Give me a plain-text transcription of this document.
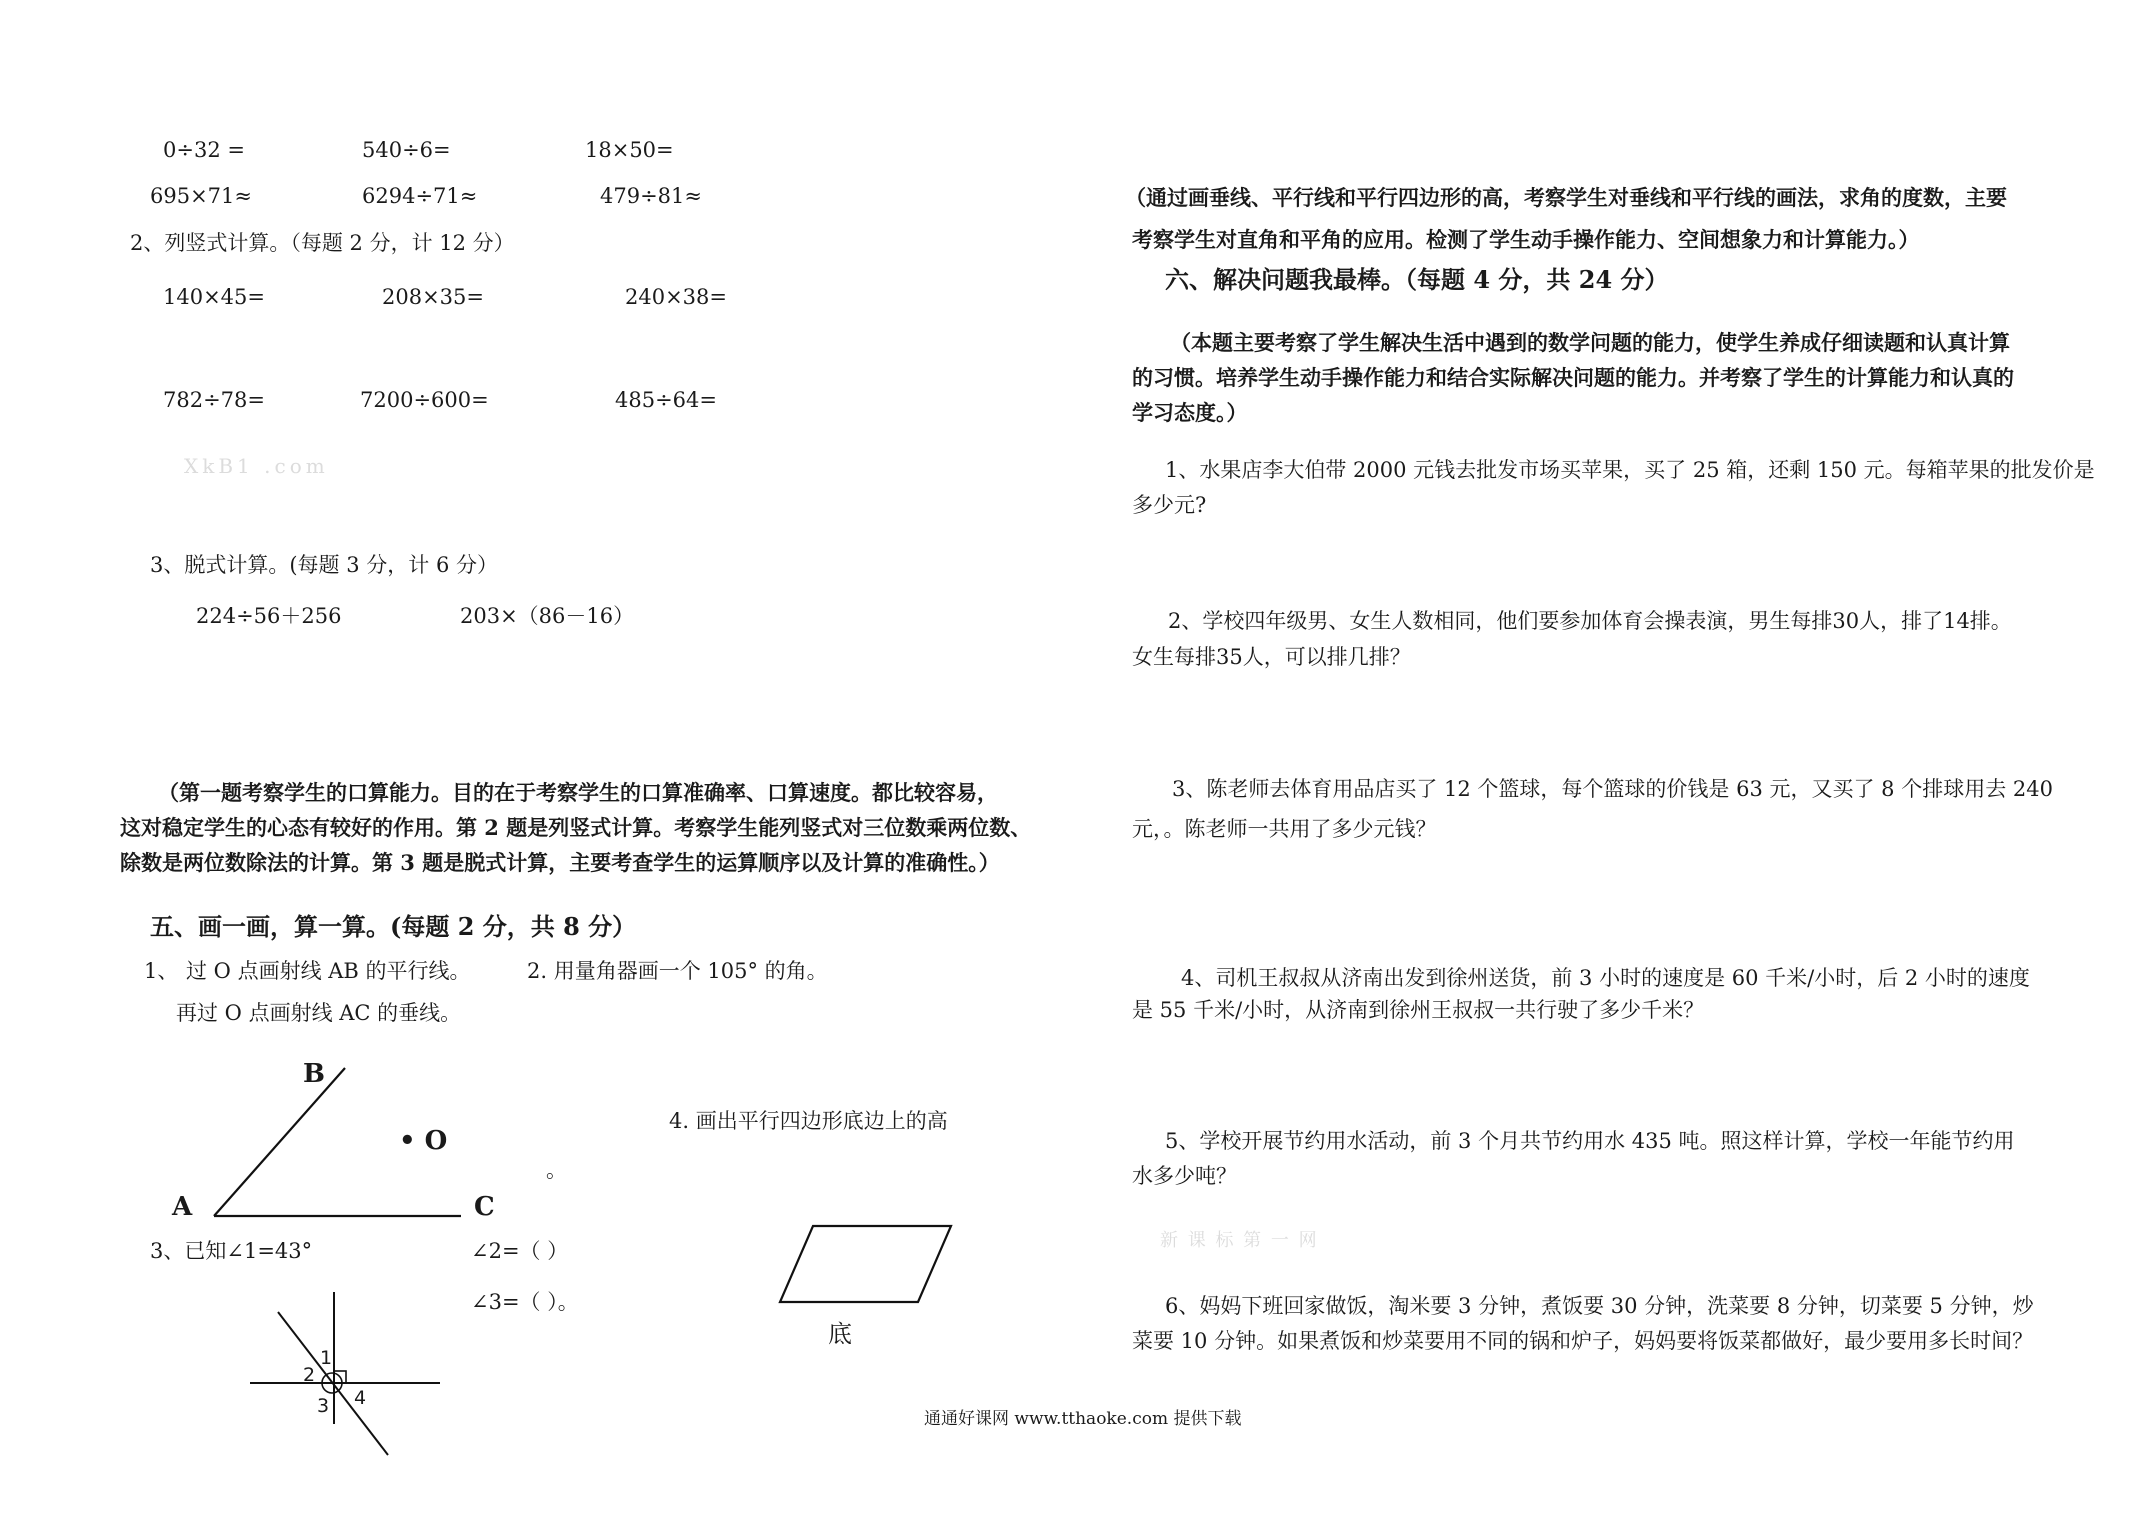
0÷32 =	540÷6=	18×50=
695×71≈	6294÷71≈	479÷81≈
2、列竖式计算。（每题 2 分，计 12 分）
140×45=	208×35=	240×38=
782÷78=	7200÷600=	485÷64=
XkB1 .com
3、脱式计算。(每题 3 分，计 6 分）
224÷56＋256	203×（86－16）
（第一题考察学生的口算能力。目的在于考察学生的口算准确率、口算速度。都比较容易，
这对稳定学生的心态有较好的作用。第 2 题是列竖式计算。考察学生能列竖式对三位数乘两位数、
除数是两位数除法的计算。第 3 题是脱式计算，主要考查学生的运算顺序以及计算的准确性。）
五、画一画，算一算。(每题 2 分，共 8 分）
1、 过 O 点画射线 AB 的平行线。
再过 O 点画射线 AC 的垂线。
2. 用量角器画一个 105° 的角。
B
• O
A	C
。
4. 画出平行四边形底边上的高
底
3、已知∠1=43°	∠2=（ ）
∠3=（ ）。
1
2
3 4
（通过画垂线、平行线和平行四边形的高，考察学生对垂线和平行线的画法，求角的度数，主要
考察学生对直角和平角的应用。检测了学生动手操作能力、空间想象力和计算能力。）
六、解决问题我最棒。（每题 4 分，共 24 分）
（本题主要考察了学生解决生活中遇到的数学问题的能力，使学生养成仔细读题和认真计算
的习惯。培养学生动手操作能力和结合实际解决问题的能力。并考察了学生的计算能力和认真的
学习态度。）
1、水果店李大伯带 2000 元钱去批发市场买苹果，买了 25 箱，还剩 150 元。每箱苹果的批发价是
多少元?
2、学校四年级男、女生人数相同，他们要参加体育会操表演，男生每排30人，排了14排。
女生每排35人，可以排几排？
3、陈老师去体育用品店买了 12 个篮球，每个篮球的价钱是 63 元，又买了 8 个排球用去 240
元，。陈老师一共用了多少元钱？
4、司机王叔叔从济南出发到徐州送货，前 3 小时的速度是 60 千米/小时，后 2 小时的速度
是 55 千米/小时，从济南到徐州王叔叔一共行驶了多少千米？
5、学校开展节约用水活动，前 3 个月共节约用水 435 吨。照这样计算，学校一年能节约用
水多少吨？
新 课 标 第 一 网
6、妈妈下班回家做饭，淘米要 3 分钟，煮饭要 30 分钟，洗菜要 8 分钟，切菜要 5 分钟，炒
菜要 10 分钟。如果煮饭和炒菜要用不同的锅和炉子，妈妈要将饭菜都做好，最少要用多长时间？
通通好课网 www.tthaoke.com 提供下载
